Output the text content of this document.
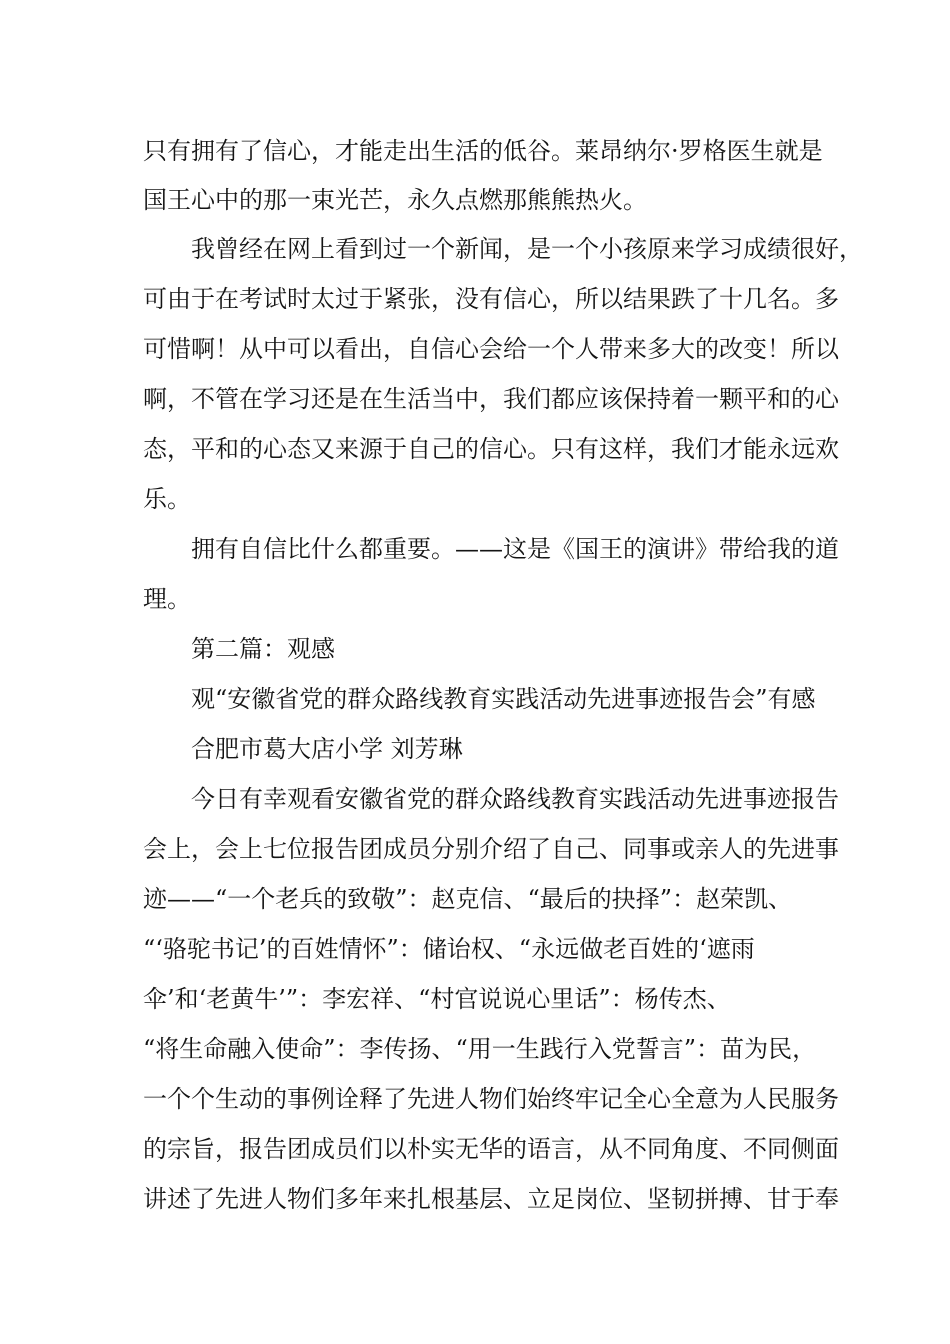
只有拥有了信心，才能走出生活的低谷。莱昂纳尔·罗格医生就是

国王心中的那一束光芒，永久点燃那熊熊热火。

我曾经在网上看到过一个新闻，是一个小孩原来学习成绩很好，

可由于在考试时太过于紧张，没有信心，所以结果跌了十几名。多

可惜啊！从中可以看出，自信心会给一个人带来多大的改变！所以

啊，不管在学习还是在生活当中，我们都应该保持着一颗平和的心

态，平和的心态又来源于自己的信心。只有这样，我们才能永远欢

乐。

拥有自信比什么都重要。——这是《国王的演讲》带给我的道

理。

第二篇：观感

观“安徽省党的群众路线教育实践活动先进事迹报告会”有感

合肥市葛大店小学 刘芳琳

今日有幸观看安徽省党的群众路线教育实践活动先进事迹报告

会上，会上七位报告团成员分别介绍了自己、同事或亲人的先进事

迹——“一个老兵的致敬”：赵克信、“最后的抉择”：赵荣凯、

“‘骆驼书记’的百姓情怀”：储诒权、“永远做老百姓的‘遮雨

伞’和‘老黄牛’”：李宏祥、“村官说说心里话”：杨传杰、

“将生命融入使命”：李传扬、“用一生践行入党誓言”：苗为民，

一个个生动的事例诠释了先进人物们始终牢记全心全意为人民服务

的宗旨，报告团成员们以朴实无华的语言，从不同角度、不同侧面

讲述了先进人物们多年来扎根基层、立足岗位、坚韧拼搏、甘于奉
